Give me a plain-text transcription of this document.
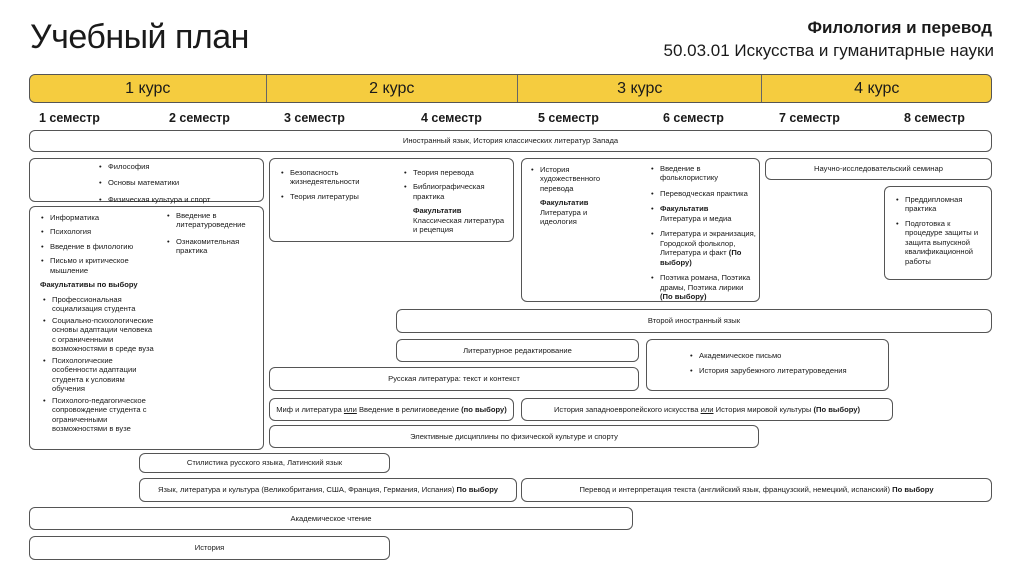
Учебный план	Филология и перевод
50.03.01 Искусства и гуманитарные науки
1 курс	2 курс	3 курс	4 курс
1 семестр	2 семестр	3 семестр	4 семестр	5 семестр	6 семестр	7 семестр	8 семестр
Иностранный язык, История классических литератур Запада
• Философия
• Основы математики
• Физическая культура и спорт
• Информатика
• Психология
• Введение в филологию
• Письмо и критическое мышление
Факультативы по выбору
• Профессиональная социализация студента
• Социально-психологические основы адаптации человека с ограниченными возможностями в среде вуза
• Психологические особенности адаптации студента к условиям обучения
• Психолого-педагогическое сопровождение студента с ограниченными возможностями в вузе
• Введение в литературоведение
• Ознакомительная практика
• Безопасность жизнедеятельности
• Теория литературы
• Теория перевода
• Библиографическая практика
Факультатив
Классическая литература и рецепция
• История художественного перевода
Факультатив
Литература и идеология
• Введение в фольклористику
• Переводческая практика
• Факультатив
Литература и медиа
• Литература и экранизация, Городской фольклор, Литература и факт (По выбору)
• Поэтика романа, Поэтика драмы, Поэтика лирики (По выбору)
Научно-исследовательский семинар
• Преддипломная практика
• Подготовка к процедуре защиты и защита выпускной квалификационной работы
Второй иностранный язык
Литературное редактирование
• Академическое письмо
• История зарубежного литературоведения
Русская литература: текст и контекст
Миф и литература или Введение в религиоведение (по выбору)	История западноевропейского искусства или История мировой культуры (По выбору)
Элективные дисциплины по физической культуре и спорту
Стилистика русского языка, Латинский язык
Язык, литература и культура (Великобритания, США, Франция, Германия, Испания) По выбору	Перевод и интерпретация текста (английский язык, французский, немецкий, испанский) По выбору
Академическое чтение
История
